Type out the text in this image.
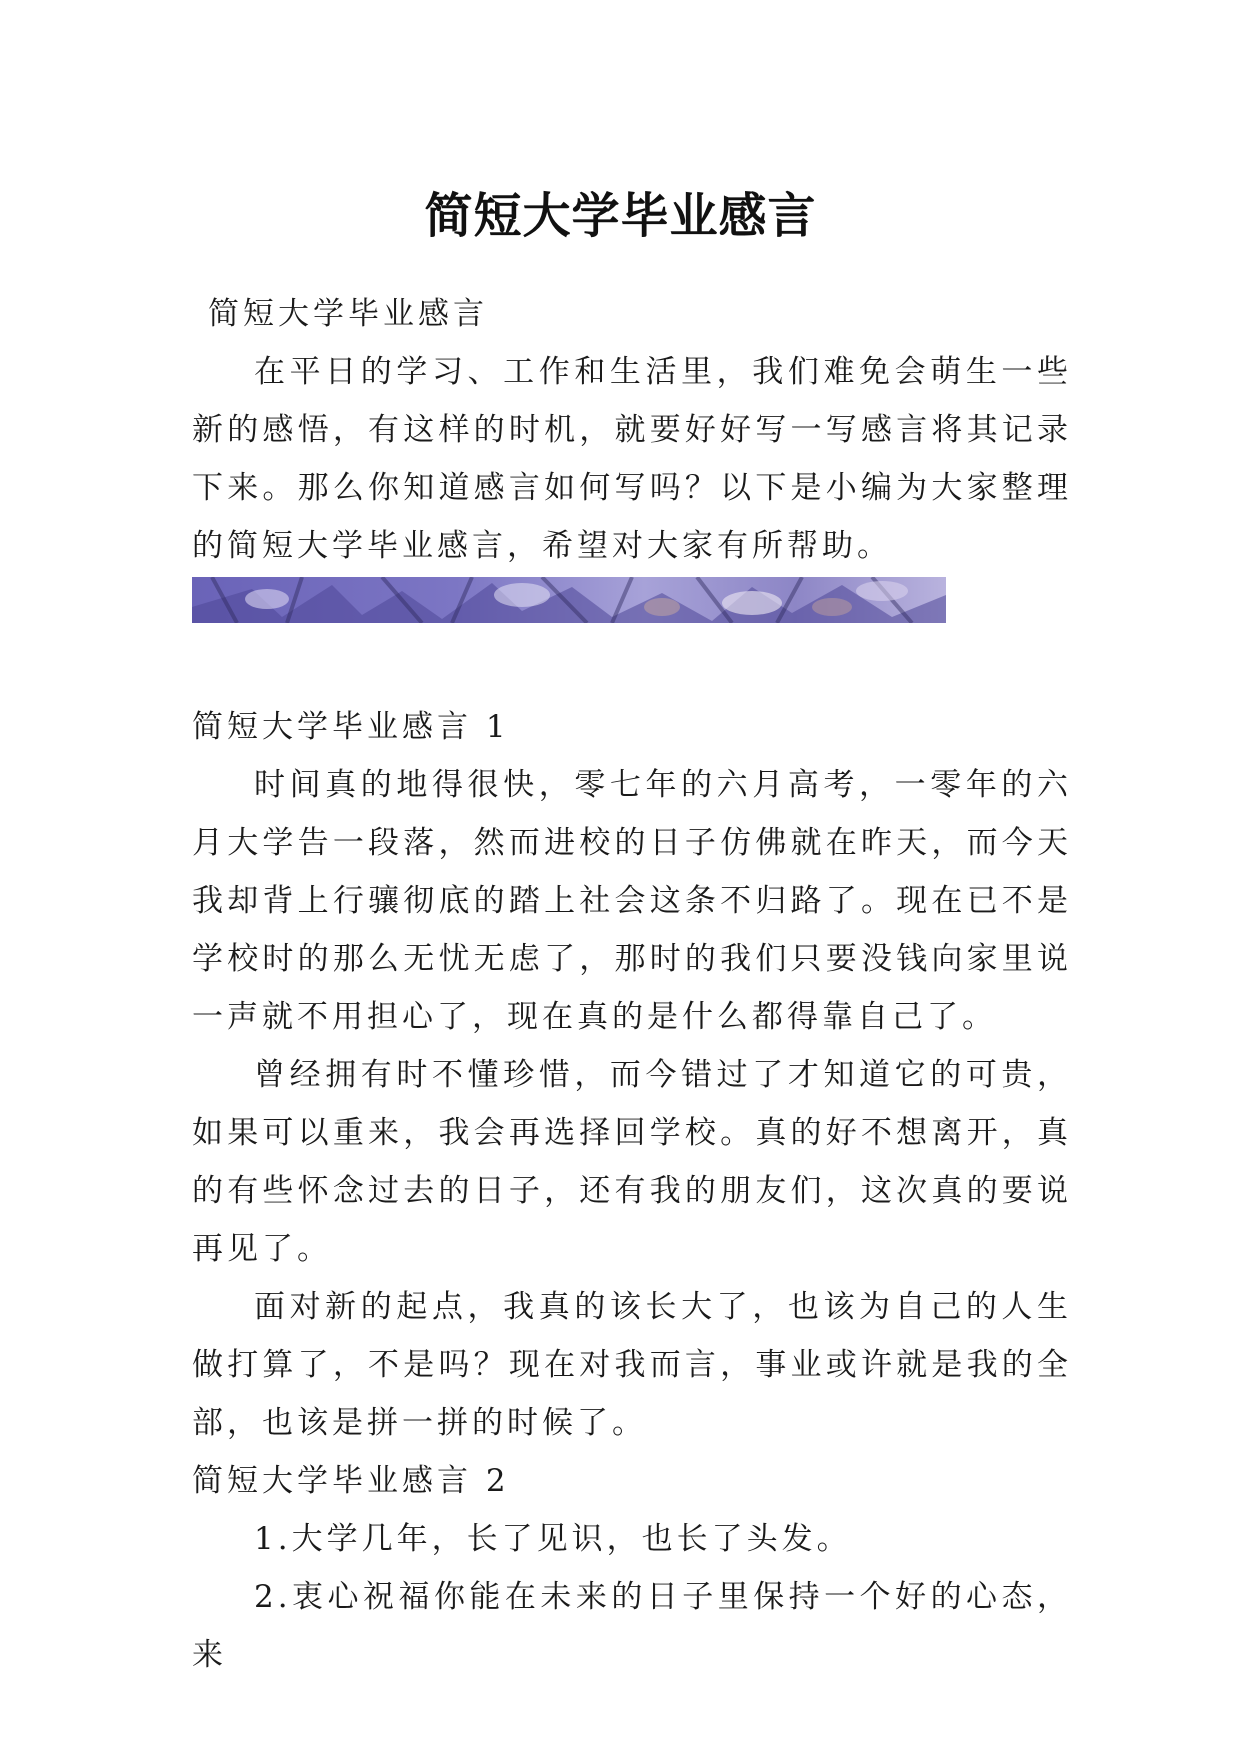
简短大学毕业感言

简短大学毕业感言

在平日的学习、工作和生活里，我们难免会萌生一些新的感悟，有这样的时机，就要好好写一写感言将其记录下来。那么你知道感言如何写吗？以下是小编为大家整理的简短大学毕业感言，希望对大家有所帮助。

简短大学毕业感言 1

时间真的地得很快，零七年的六月高考，一零年的六月大学告一段落，然而进校的日子仿佛就在昨天，而今天我却背上行骧彻底的踏上社会这条不归路了。现在已不是学校时的那么无忧无虑了，那时的我们只要没钱向家里说一声就不用担心了，现在真的是什么都得靠自己了。

曾经拥有时不懂珍惜，而今错过了才知道它的可贵，如果可以重来，我会再选择回学校。真的好不想离开，真的有些怀念过去的日子，还有我的朋友们，这次真的要说再见了。

面对新的起点，我真的该长大了，也该为自己的人生做打算了，不是吗？现在对我而言，事业或许就是我的全部，也该是拼一拼的时候了。

简短大学毕业感言 2

1.大学几年，长了见识，也长了头发。

2.衷心祝福你能在未来的日子里保持一个好的心态，来
